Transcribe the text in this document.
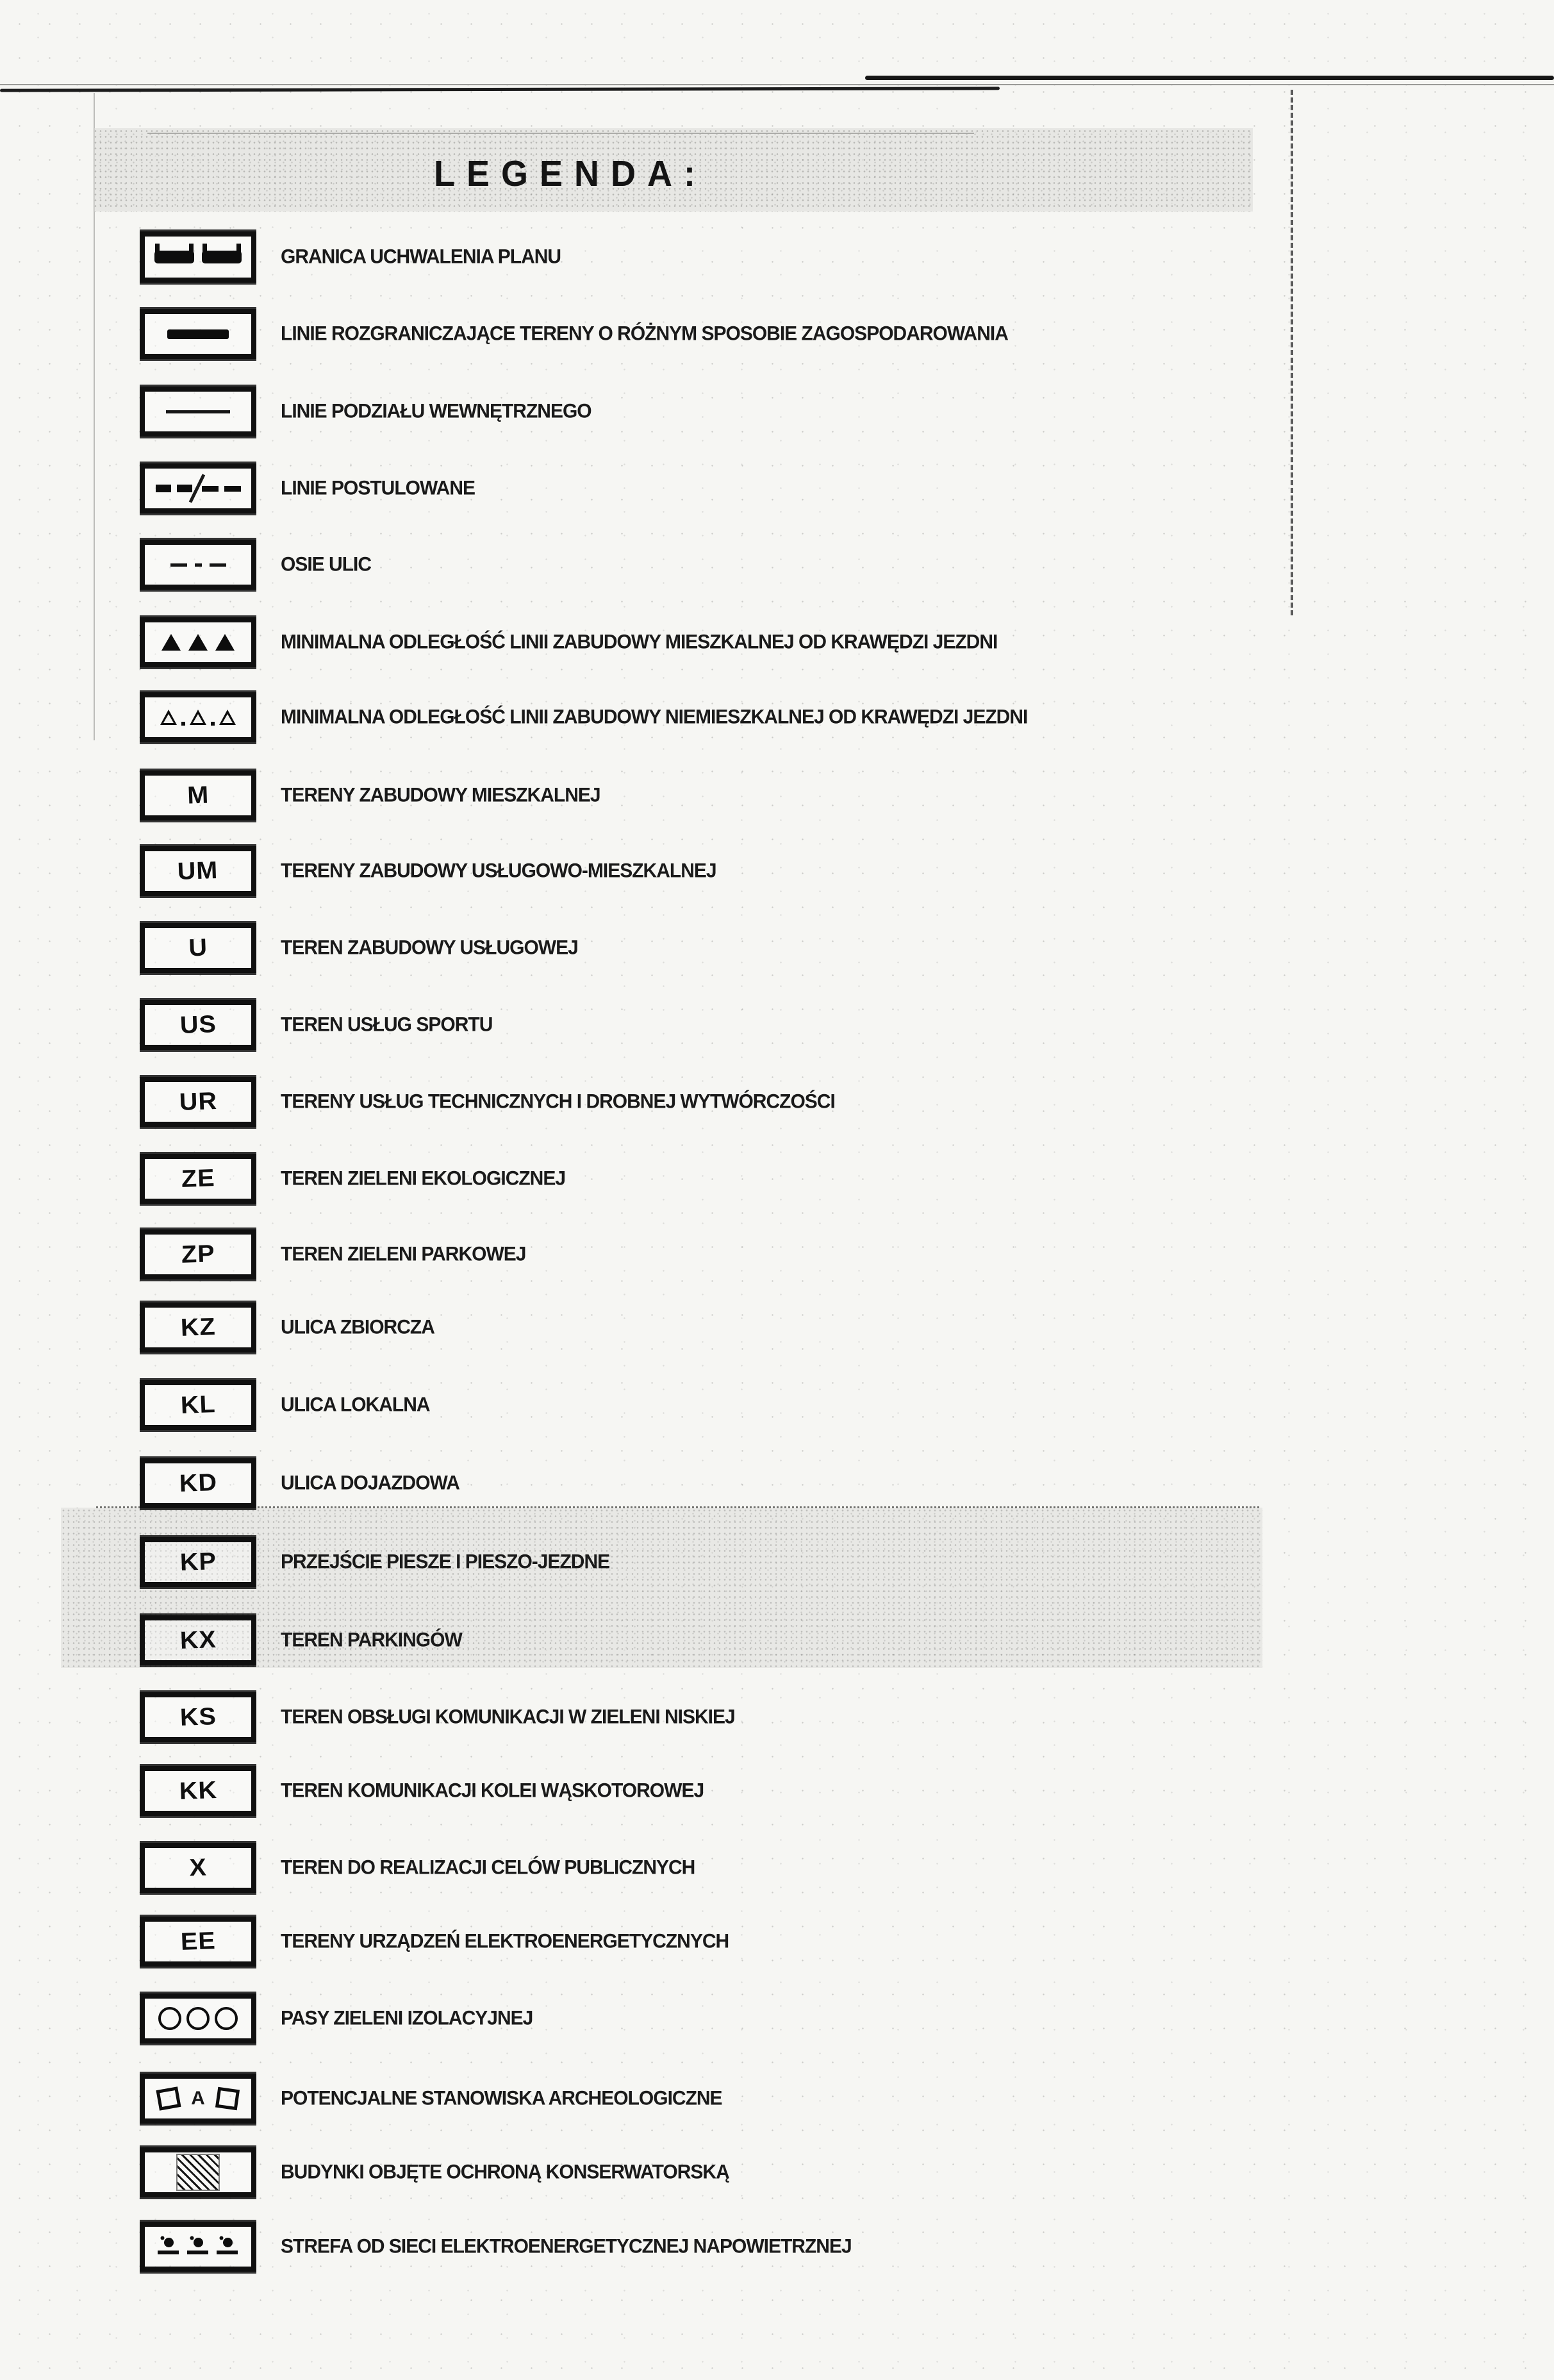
LEGENDA:
GRANICA UCHWALENIA PLANU
LINIE ROZGRANICZAJĄCE TERENY O RÓŻNYM SPOSOBIE ZAGOSPODAROWANIA
LINIE PODZIAŁU WEWNĘTRZNEGO
LINIE POSTULOWANE
OSIE ULIC
MINIMALNA ODLEGŁOŚĆ LINII ZABUDOWY MIESZKALNEJ OD KRAWĘDZI JEZDNI
MINIMALNA ODLEGŁOŚĆ LINII ZABUDOWY NIEMIESZKALNEJ OD KRAWĘDZI JEZDNI
M	TERENY ZABUDOWY MIESZKALNEJ
UM	TERENY ZABUDOWY USŁUGOWO-MIESZKALNEJ
U	TEREN ZABUDOWY USŁUGOWEJ
US	TEREN USŁUG SPORTU
UR	TERENY USŁUG TECHNICZNYCH I DROBNEJ WYTWÓRCZOŚCI
ZE	TEREN ZIELENI EKOLOGICZNEJ
ZP	TEREN ZIELENI PARKOWEJ
KZ	ULICA ZBIORCZA
KL	ULICA LOKALNA
KD	ULICA DOJAZDOWA
KP	PRZEJŚCIE PIESZE I PIESZO-JEZDNE
KX	TEREN PARKINGÓW
KS	TEREN OBSŁUGI KOMUNIKACJI W ZIELENI NISKIEJ
KK	TEREN KOMUNIKACJI KOLEI WĄSKOTOROWEJ
X	TEREN DO REALIZACJI CELÓW PUBLICZNYCH
EE	TERENY URZĄDZEŃ ELEKTROENERGETYCZNYCH
PASY ZIELENI IZOLACYJNEJ
A	POTENCJALNE STANOWISKA ARCHEOLOGICZNE
BUDYNKI OBJĘTE OCHRONĄ KONSERWATORSKĄ
STREFA OD SIECI ELEKTROENERGETYCZNEJ NAPOWIETRZNEJ
